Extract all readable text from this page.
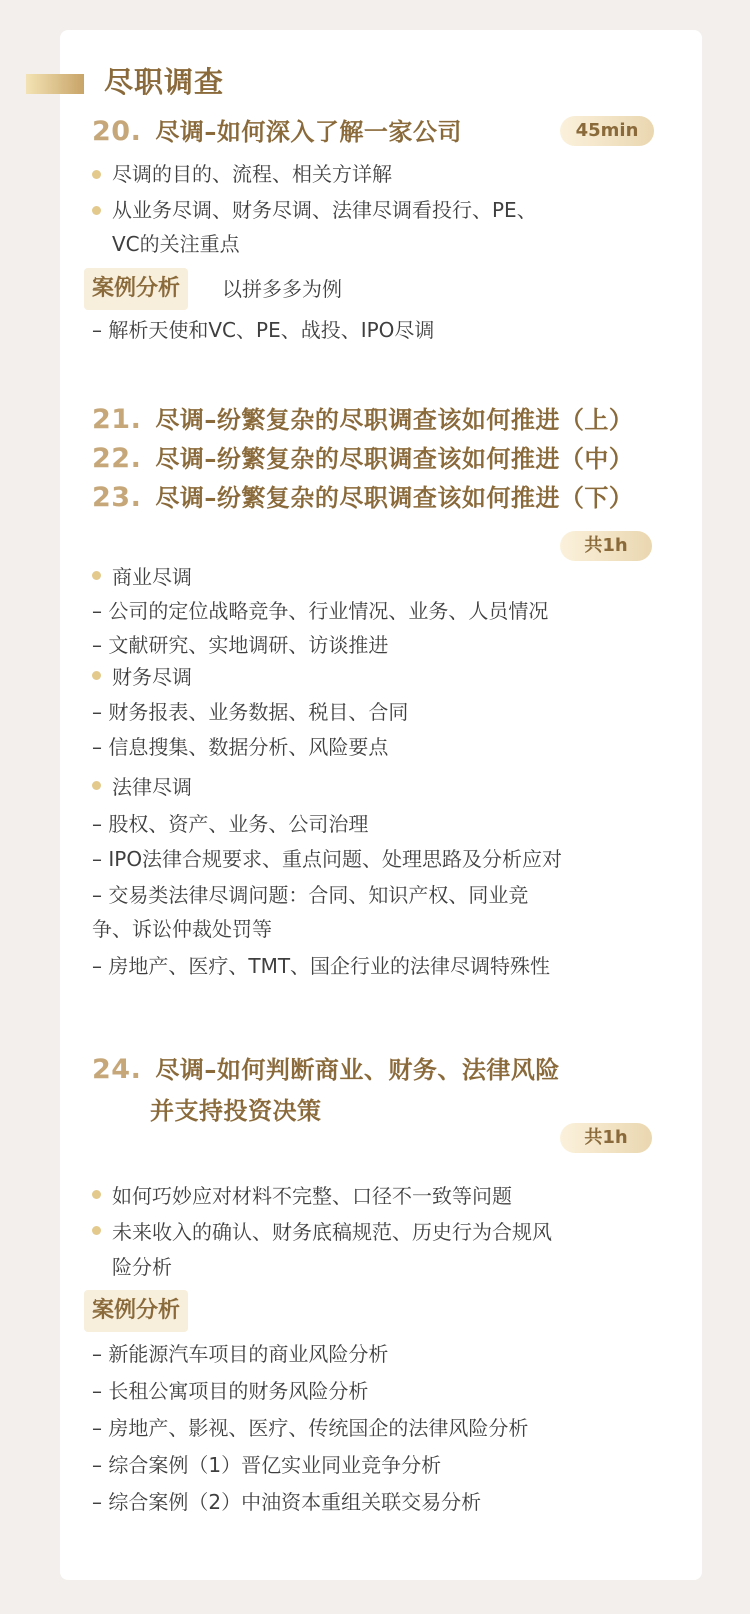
尽职调查
20. 尽调–如何深入了解一家公司	45min
尽调的目的、流程、相关方详解
从业务尽调、财务尽调、法律尽调看投行、PE、
VC的关注重点
案例分析	以拼多多为例
– 解析天使和VC、PE、战投、IPO尽调
21. 尽调–纷繁复杂的尽职调查该如何推进（上）
22. 尽调–纷繁复杂的尽职调查该如何推进（中）
23. 尽调–纷繁复杂的尽职调查该如何推进（下）
共1h
商业尽调
– 公司的定位战略竞争、行业情况、业务、人员情况
– 文献研究、实地调研、访谈推进
财务尽调
– 财务报表、业务数据、税目、合同
– 信息搜集、数据分析、风险要点
法律尽调
– 股权、资产、业务、公司治理
– IPO法律合规要求、重点问题、处理思路及分析应对
– 交易类法律尽调问题：合同、知识产权、同业竞
争、诉讼仲裁处罚等
– 房地产、医疗、TMT、国企行业的法律尽调特殊性
24. 尽调–如何判断商业、财务、法律风险
并支持投资决策
共1h
如何巧妙应对材料不完整、口径不一致等问题
未来收入的确认、财务底稿规范、历史行为合规风
险分析
案例分析
– 新能源汽车项目的商业风险分析
– 长租公寓项目的财务风险分析
– 房地产、影视、医疗、传统国企的法律风险分析
– 综合案例（1）晋亿实业同业竞争分析
– 综合案例（2）中油资本重组关联交易分析
